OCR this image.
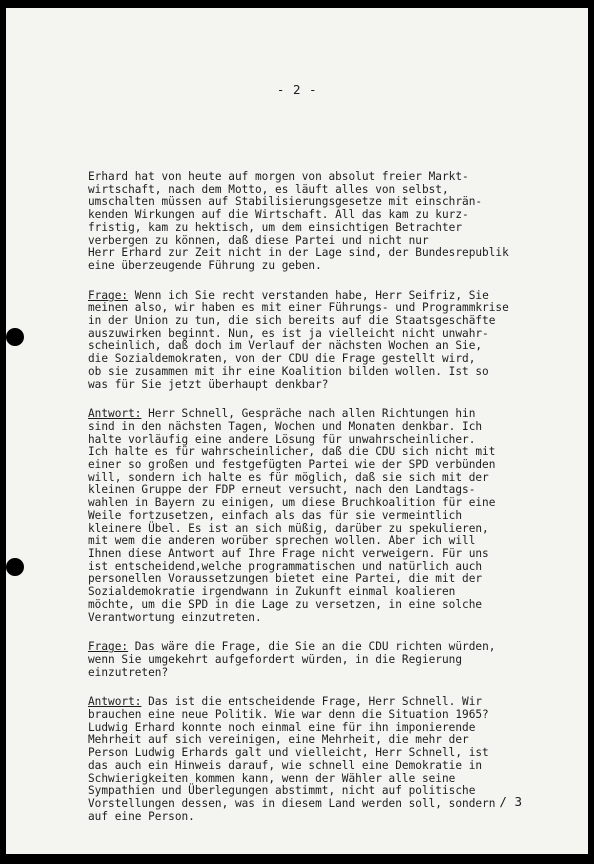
- 2 -
Erhard hat von heute auf morgen von absolut freier Markt-
wirtschaft, nach dem Motto, es läuft alles von selbst,
umschalten müssen auf Stabilisierungsgesetze mit einschrän-
kenden Wirkungen auf die Wirtschaft. All das kam zu kurz-
fristig, kam zu hektisch, um dem einsichtigen Betrachter
verbergen zu können, daß diese Partei und nicht nur
Herr Erhard zur Zeit nicht in der Lage sind, der Bundesrepublik
eine überzeugende Führung zu geben.
Frage: Wenn ich Sie recht verstanden habe, Herr Seifriz, Sie
meinen also, wir haben es mit einer Führungs- und Programmkrise
in der Union zu tun, die sich bereits auf die Staatsgeschäfte
auszuwirken beginnt. Nun, es ist ja vielleicht nicht unwahr-
scheinlich, daß doch im Verlauf der nächsten Wochen an Sie,
die Sozialdemokraten, von der CDU die Frage gestellt wird,
ob sie zusammen mit ihr eine Koalition bilden wollen. Ist so
was für Sie jetzt überhaupt denkbar?
Antwort: Herr Schnell, Gespräche nach allen Richtungen hin
sind in den nächsten Tagen, Wochen und Monaten denkbar. Ich
halte vorläufig eine andere Lösung für unwahrscheinlicher.
Ich halte es für wahrscheinlicher, daß die CDU sich nicht mit
einer so großen und festgefügten Partei wie der SPD verbünden
will, sondern ich halte es für möglich, daß sie sich mit der
kleinen Gruppe der FDP erneut versucht, nach den Landtags-
wahlen in Bayern zu einigen, um diese Bruchkoalition für eine
Weile fortzusetzen, einfach als das für sie vermeintlich
kleinere Übel. Es ist an sich müßig, darüber zu spekulieren,
mit wem die anderen worüber sprechen wollen. Aber ich will
Ihnen diese Antwort auf Ihre Frage nicht verweigern. Für uns
ist entscheidend,welche programmatischen und natürlich auch
personellen Voraussetzungen bietet eine Partei, die mit der
Sozialdemokratie irgendwann in Zukunft einmal koalieren
möchte, um die SPD in die Lage zu versetzen, in eine solche
Verantwortung einzutreten.
Frage: Das wäre die Frage, die Sie an die CDU richten würden,
wenn Sie umgekehrt aufgefordert würden, in die Regierung
einzutreten?
Antwort: Das ist die entscheidende Frage, Herr Schnell. Wir
brauchen eine neue Politik. Wie war denn die Situation 1965?
Ludwig Erhard konnte noch einmal eine für ihn imponierende
Mehrheit auf sich vereinigen, eine Mehrheit, die mehr der
Person Ludwig Erhards galt und vielleicht, Herr Schnell, ist
das auch ein Hinweis darauf, wie schnell eine Demokratie in
Schwierigkeiten kommen kann, wenn der Wähler alle seine
Sympathien und Überlegungen abstimmt, nicht auf politische
Vorstellungen dessen, was in diesem Land werden soll, sondern
auf eine Person.
/ 3
